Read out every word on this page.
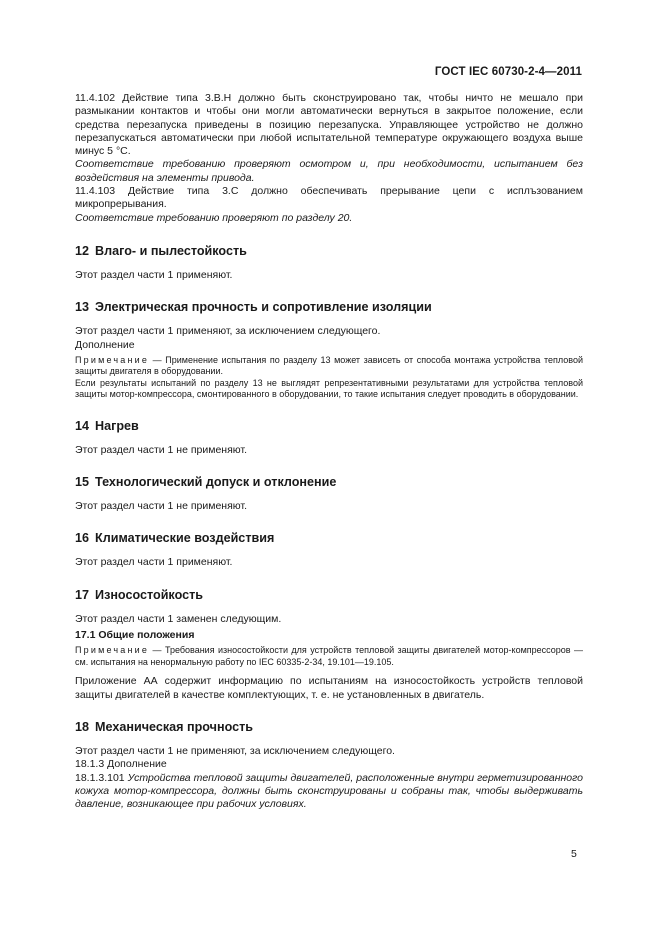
ГОСТ IEC 60730-2-4—2011

11.4.102 Действие типа 3.B.H должно быть сконструировано так, чтобы ничто не мешало при размыкании контактов и чтобы они могли автоматически вернуться в закрытое положение, если средства перезапуска приведены в позицию перезапуска. Управляющее устройство не должно перезапускаться автоматически при любой испытательной температуре окружающего воздуха выше минус 5 °С.

Соответствие требованию проверяют осмотром и, при необходимости, испытанием без воздействия на элементы привода.

11.4.103 Действие типа 3.С должно обеспечивать прерывание цепи с исплъзованием микропрерывания.

Соответствие требованию проверяют по разделу 20.

12 Влаго- и пылестойкость

Этот раздел части 1 применяют.

13 Электрическая прочность и сопротивление изоляции

Этот раздел части 1 применяют, за исключением следующего.

Дополнение

Примечание — Применение испытания по разделу 13 может зависеть от способа монтажа устройства тепловой защиты двигателя в оборудовании.

Если результаты испытаний по разделу 13 не выглядят репрезентативными результатами для устройства тепловой защиты мотор-компрессора, смонтированного в оборудовании, то такие испытания следует проводить в оборудовании.

14 Нагрев

Этот раздел части 1 не применяют.

15 Технологический допуск и отклонение

Этот раздел части 1 не применяют.

16 Климатические воздействия

Этот раздел части 1 применяют.

17 Износостойкость

Этот раздел части 1 заменен следующим.

17.1 Общие положения

Примечание — Требования износостойкости для устройств тепловой защиты двигателей мотор-компрессоров — см. испытания на ненормальную работу по IEC 60335-2-34, 19.101—19.105.

Приложение АА содержит информацию по испытаниям на износостойкость устройств тепловой защиты двигателей в качестве комплектующих, т. е. не установленных в двигатель.

18 Механическая прочность

Этот раздел части 1 не применяют, за исключением следующего.

18.1.3 Дополнение

18.1.3.101 Устройства тепловой защиты двигателей, расположенные внутри герметизированного кожуха мотор-компрессора, должны быть сконструированы и собраны так, чтобы выдерживать давление, возникающее при рабочих условиях.

5
